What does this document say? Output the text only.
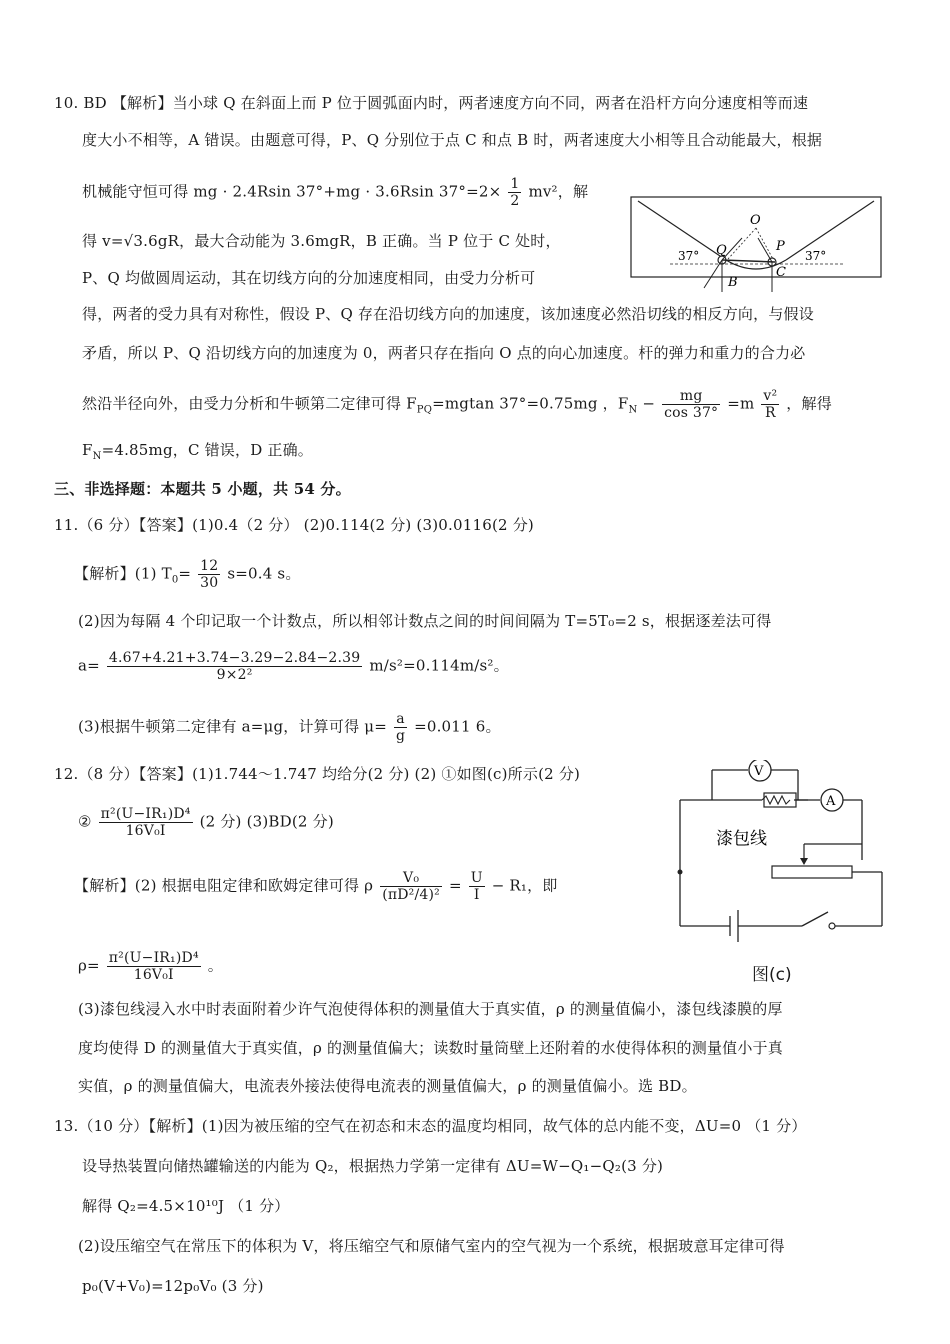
10. BD 【解析】当小球 Q 在斜面上而 P 位于圆弧面内时，两者速度方向不同，两者在沿杆方向分速度相等而速
度大小不相等，A 错误。由题意可得，P、Q 分别位于点 C 和点 B 时，两者速度大小相等且合动能最大，根据
机械能守恒可得 mg · 2.4Rsin 37°+mg · 3.6Rsin $37^\circ=2\times \frac{1}{2} mv^2$，解
得 v=√3.6gR，最大合动能为 3.6mgR，B 正确。当 P 位于 C 处时，
P、Q 均做圆周运动，其在切线方向的分加速度相同，由受力分析可
得，两者的受力具有对称性，假设 P、Q 存在沿切线方向的加速度，该加速度必然沿切线的相反方向，与假设
矛盾，所以 P、Q 沿切线方向的加速度为 0，两者只存在指向 O 点的向心加速度。杆的弹力和重力的合力必
然沿半径向外，由受力分析和牛顿第二定律可得 $F_{PQ}=mgtan$ 37°=0.75mg ，$F_N - \frac{mg}{\cos 37^\circ} =m \frac{\text{v²}}{R}$ ，解得
$F_N=4.85mg$，C 错误，D 正确。
O
Q	P
B
C
37°	37°
三、非选择题：本题共 5 小题，共 54 分。
11.（6 分）【答案】(1)0.4（2 分） (2)0.114(2 分) (3)0.0116(2 分)
【解析】(1) $T_0= \frac{12}{30} s=0.4$ s。
(2)因为每隔 4 个印记取一个计数点，所以相邻计数点之间的时间间隔为 T=5T₀=2 s，根据逐差法可得
$a= \frac{4.67+4.21+3.74-3.29-2.84-2.39}{\text{9×2²}} m/s^2=0.114m/s^2$。
(3)根据牛顿第二定律有 a=μg，计算可得 $\mu= \frac{a}{g} =0.011$ 6。
12.（8 分）【答案】(1)1.744～1.747 均给分(2 分) (2) ①如图(c)所示(2 分)
② $\frac{\text{π²(U−IR₁)D⁴}}{\text{16V₀I}} (2$ 分) (3)BD(2 分)
【解析】(2) 根据电阻定律和欧姆定律可得 ρ $\frac{\text{V₀}}{\text{(πD²/4)²}} = \frac{U}{I} - R_1$，即
$\rho= \frac{\text{π²(U−IR₁)D⁴}}{\text{16V₀I}}$ 。
(3)漆包线浸入水中时表面附着少许气泡使得体积的测量值大于真实值，ρ 的测量值偏小，漆包线漆膜的厚
度均使得 D 的测量值大于真实值，ρ 的测量值偏大；读数时量筒壁上还附着的水使得体积的测量值小于真
实值，ρ 的测量值偏大，电流表外接法使得电流表的测量值偏大，ρ 的测量值偏小。选 BD。
V
A
漆包线
图(c)
13.（10 分）【解析】(1)因为被压缩的空气在初态和末态的温度均相同，故气体的总内能不变，ΔU=0 （1 分）
设导热装置向储热罐输送的内能为 Q₂，根据热力学第一定律有 ΔU=W−Q₁−Q₂(3 分)
解得 Q₂=4.5×10¹⁰J （1 分）
(2)设压缩空气在常压下的体积为 V，将压缩空气和原储气室内的空气视为一个系统，根据玻意耳定律可得
p₀(V+V₀)=12p₀V₀ (3 分)
